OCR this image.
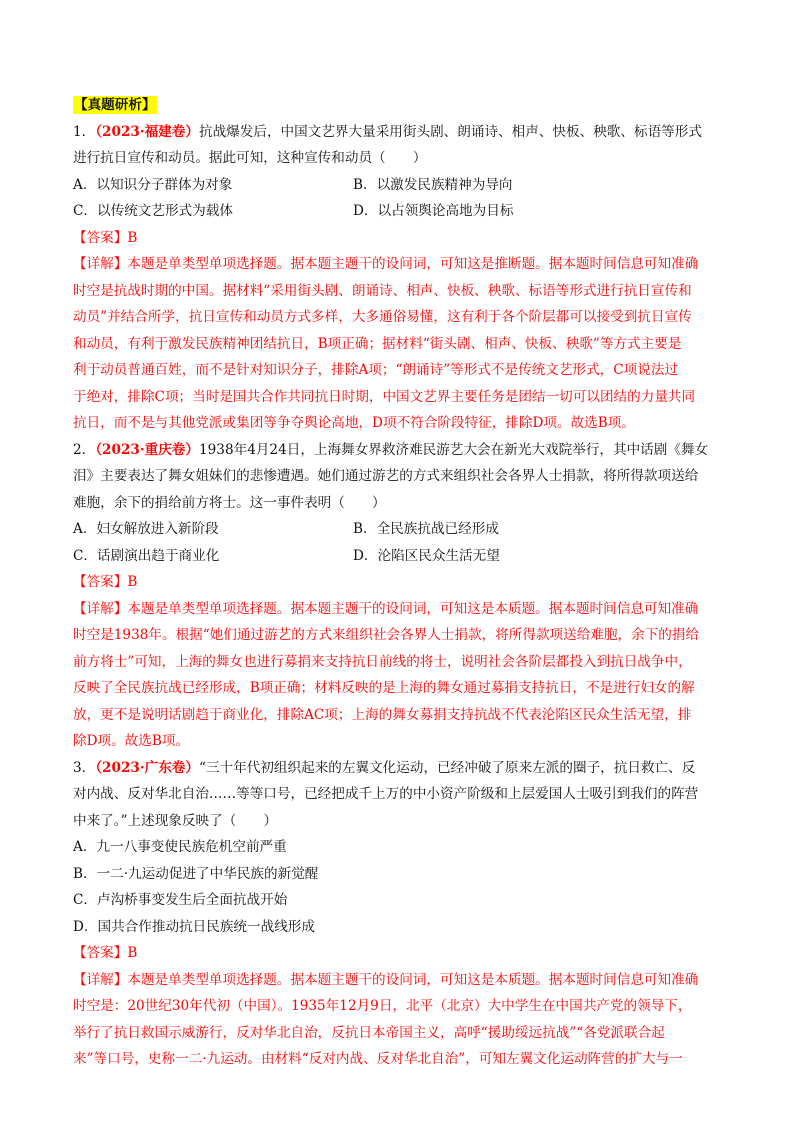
【真题研析】
1．（2023·福建卷）抗战爆发后，中国文艺界大量采用街头剧、朗诵诗、相声、快板、秧歌、标语等形式
进行抗日宣传和动员。据此可知，这种宣传和动员（　　）
A．以知识分子群体为对象	B．以激发民族精神为导向
C．以传统文艺形式为载体	D．以占领舆论高地为目标
【答案】B
【详解】本题是单类型单项选择题。据本题主题干的设问词，可知这是推断题。据本题时间信息可知准确
时空是抗战时期的中国。据材料“采用街头剧、朗诵诗、相声、快板、秧歌、标语等形式进行抗日宣传和
动员”并结合所学，抗日宣传和动员方式多样，大多通俗易懂，这有利于各个阶层都可以接受到抗日宣传
和动员，有利于激发民族精神团结抗日，B项正确；据材料“街头剧、相声、快板、秧歌”等方式主要是
利于动员普通百姓，而不是针对知识分子，排除A项；“朗诵诗”等形式不是传统文艺形式，C项说法过
于绝对，排除C项；当时是国共合作共同抗日时期，中国文艺界主要任务是团结一切可以团结的力量共同
抗日，而不是与其他党派或集团等争夺舆论高地，D项不符合阶段特征，排除D项。故选B项。
2．（2023·重庆卷）1938年4月24日，上海舞女界救济难民游艺大会在新光大戏院举行，其中话剧《舞女
泪》主要表达了舞女姐妹们的悲惨遭遇。她们通过游艺的方式来组织社会各界人士捐款，将所得款项送给
难胞，余下的捐给前方将士。这一事件表明（　　）
A．妇女解放进入新阶段	B．全民族抗战已经形成
C．话剧演出趋于商业化	D．沦陷区民众生活无望
【答案】B
【详解】本题是单类型单项选择题。据本题主题干的设问词，可知这是本质题。据本题时间信息可知准确
时空是1938年。根据“她们通过游艺的方式来组织社会各界人士捐款，将所得款项送给难胞，余下的捐给
前方将士”可知，上海的舞女也进行募捐来支持抗日前线的将士，说明社会各阶层都投入到抗日战争中，
反映了全民族抗战已经形成，B项正确；材料反映的是上海的舞女通过募捐支持抗日，不是进行妇女的解
放，更不是说明话剧趋于商业化，排除AC项；上海的舞女募捐支持抗战不代表沦陷区民众生活无望，排
除D项。故选B项。
3．（2023·广东卷）“三十年代初组织起来的左翼文化运动，已经冲破了原来左派的圈子，抗日救亡、反
对内战、反对华北自治……等等口号，已经把成千上万的中小资产阶级和上层爱国人士吸引到我们的阵营
中来了。”上述现象反映了（　　）
A．九一八事变使民族危机空前严重
B．一二·九运动促进了中华民族的新觉醒
C．卢沟桥事变发生后全面抗战开始
D．国共合作推动抗日民族统一战线形成
【答案】B
【详解】本题是单类型单项选择题。据本题主题干的设问词，可知这是本质题。据本题时间信息可知准确
时空是：20世纪30年代初（中国）。1935年12月9日，北平（北京）大中学生在中国共产党的领导下，
举行了抗日救国示威游行，反对华北自治，反抗日本帝国主义，高呼“援助绥远抗战”“各党派联合起
来”等口号，史称一二·九运动。由材料“反对内战、反对华北自治”，可知左翼文化运动阵营的扩大与一
